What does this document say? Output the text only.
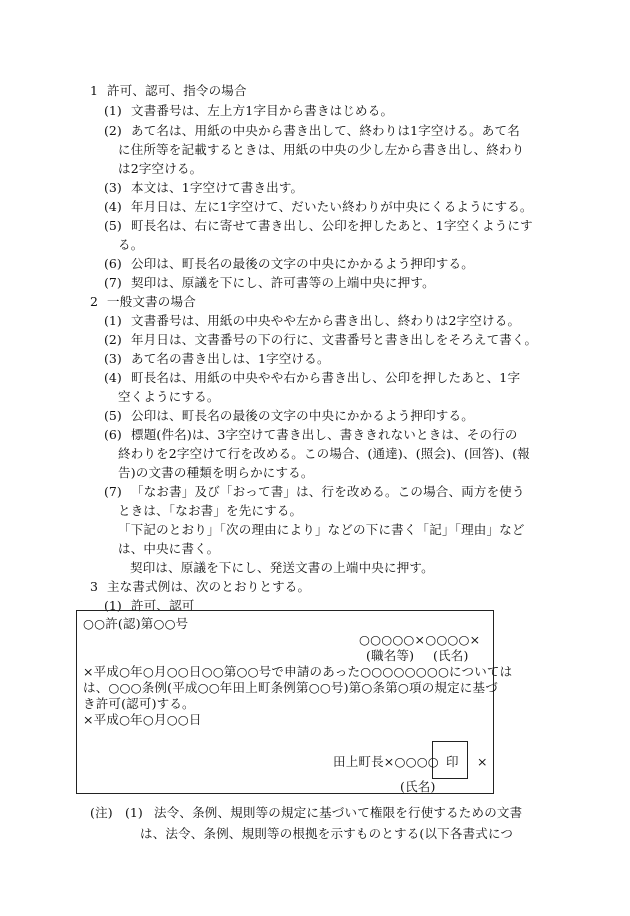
1 許可、認可、指令の場合
(1) 文書番号は、左上方1字目から書きはじめる。
(2) あて名は、用紙の中央から書き出して、終わりは1字空ける。あて名
に住所等を記載するときは、用紙の中央の少し左から書き出し、終わり
は2字空ける。
(3) 本文は、1字空けて書き出す。
(4) 年月日は、左に1字空けて、だいたい終わりが中央にくるようにする。
(5) 町長名は、右に寄せて書き出し、公印を押したあと、1字空くようにす
る。
(6) 公印は、町長名の最後の文字の中央にかかるよう押印する。
(7) 契印は、原議を下にし、許可書等の上端中央に押す。
2 一般文書の場合
(1) 文書番号は、用紙の中央やや左から書き出し、終わりは2字空ける。
(2) 年月日は、文書番号の下の行に、文書番号と書き出しをそろえて書く。
(3) あて名の書き出しは、1字空ける。
(4) 町長名は、用紙の中央やや右から書き出し、公印を押したあと、1字
空くようにする。
(5) 公印は、町長名の最後の文字の中央にかかるよう押印する。
(6) 標題(件名)は、3字空けて書き出し、書ききれないときは、その行の
終わりを2字空けて行を改める。この場合、(通達)、(照会)、(回答)、(報
告)の文書の種類を明らかにする。
(7) 「なお書」及び「おって書」は、行を改める。この場合、両方を使う
ときは、「なお書」を先にする。
「下記のとおり」「次の理由により」などの下に書く「記」「理由」など
は、中央に書く。
契印は、原議を下にし、発送文書の上端中央に押す。
3 主な書式例は、次のとおりとする。
(1) 許可、認可
○○許(認)第○○号
○○○○○×○○○○×
(職名等) (氏名)
×平成○年○月○○日○○第○○号で申請のあった○○○○○○○○については
は、○○○条例(平成○○年田上町条例第○○号)第○条第○項の規定に基づ
き許可(認可)する。
×平成○年○月○○日
田上町長×○○○○ 印 ×
(氏名)
(注) (1) 法令、条例、規則等の規定に基づいて権限を行使するための文書
は、法令、条例、規則等の根拠を示すものとする(以下各書式につ
